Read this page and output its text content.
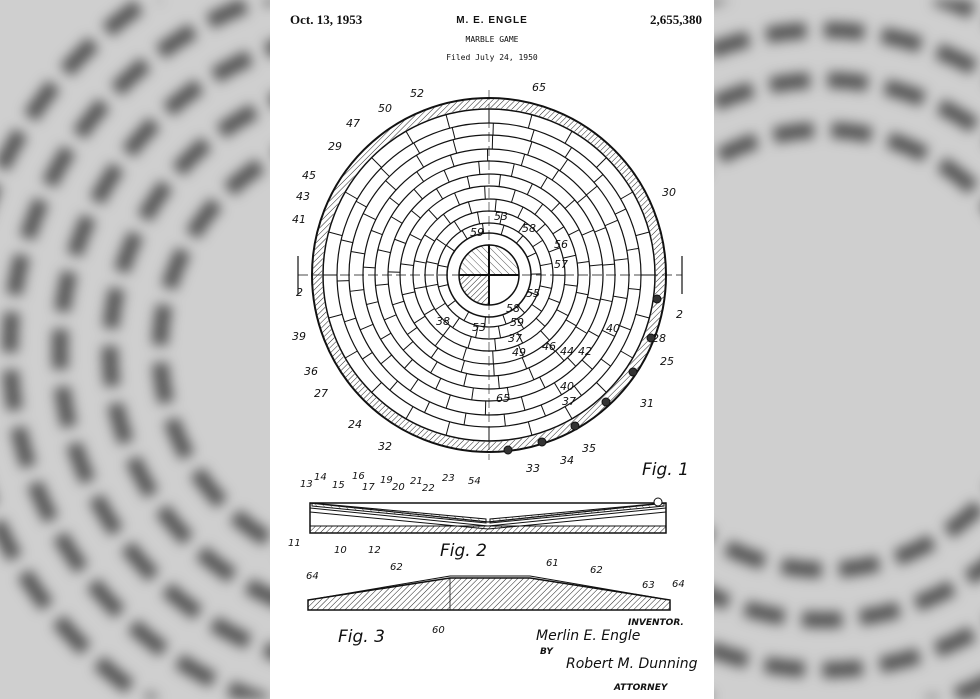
Oct. 13, 1953	M. E. ENGLE	2,655,380
MARBLE GAME
Filed July 24, 1950
Fig. 1
Fig. 2
Fig. 3
65
52
50
47
29
45
43
41
30
2
2
53
59	58
56
57
55
58
59
53
38
37
40
28
49 46 44 42
25
39
36
27
40
37	31
65
24
32	35
33
34
14	16 19 21 23 54
13 15 17 20 22
11
10 12
61
62	62
64
63 64
60
INVENTOR.
Merlin E. Engle
BY
Robert M. Dunning
ATTORNEY
